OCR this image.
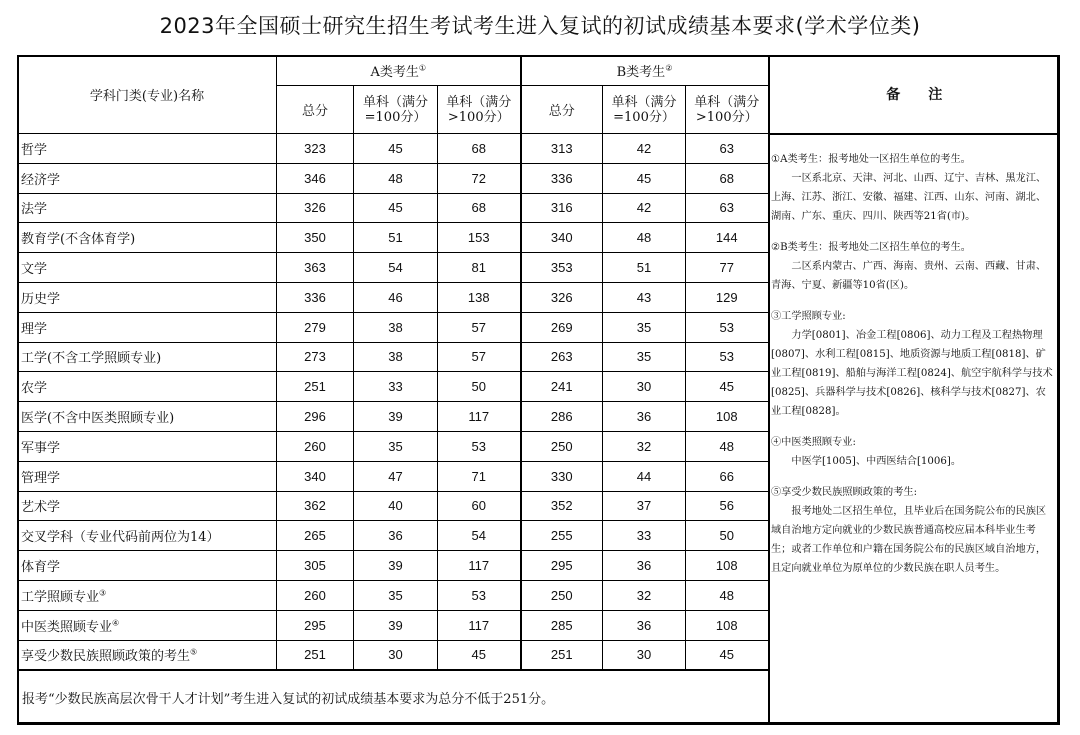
2023年全国硕士研究生招生考试考生进入复试的初试成绩基本要求(学术学位类)
学科门类(专业)名称	A类考生①			B类考生②			备　　注
	总分	单科（满分
=100分）	单科（满分
>100分）	总分	单科（满分
=100分）	单科（满分
>100分）	
哲学	323	45	68	313	42	63	
经济学	346	48	72	336	45	68	
法学	326	45	68	316	42	63	
教育学(不含体育学)	350	51	153	340	48	144	
文学	363	54	81	353	51	77	
历史学	336	46	138	326	43	129	
理学	279	38	57	269	35	53	
工学(不含工学照顾专业)	273	38	57	263	35	53	
农学	251	33	50	241	30	45	
医学(不含中医类照顾专业)	296	39	117	286	36	108	
军事学	260	35	53	250	32	48	
管理学	340	47	71	330	44	66	
艺术学	362	40	60	352	37	56	
交叉学科（专业代码前两位为14）	265	36	54	255	33	50	
体育学	305	39	117	295	36	108	
工学照顾专业③	260	35	53	250	32	48	
中医类照顾专业④	295	39	117	285	36	108	
享受少数民族照顾政策的考生⑤	251	30	45	251	30	45	
报考“少数民族高层次骨干人才计划”考生进入复试的初试成绩基本要求为总分不低于251分。							

①A类考生：报考地处一区招生单位的考生。

一区系北京、天津、河北、山西、辽宁、吉林、黑龙江、上海、江苏、浙江、安徽、福建、江西、山东、河南、湖北、湖南、广东、重庆、四川、陕西等21省(市)。

②B类考生：报考地处二区招生单位的考生。

二区系内蒙古、广西、海南、贵州、云南、西藏、甘肃、青海、宁夏、新疆等10省(区)。

③工学照顾专业:

力学[0801]、冶金工程[0806]、动力工程及工程热物理[0807]、水利工程[0815]、地质资源与地质工程[0818]、矿业工程[0819]、船舶与海洋工程[0824]、航空宇航科学与技术[0825]、兵器科学与技术[0826]、核科学与技术[0827]、农业工程[0828]。

④中医类照顾专业:

中医学[1005]、中西医结合[1006]。

⑤享受少数民族照顾政策的考生:

报考地处二区招生单位，且毕业后在国务院公布的民族区域自治地方定向就业的少数民族普通高校应届本科毕业生考生；或者工作单位和户籍在国务院公布的民族区域自治地方，且定向就业单位为原单位的少数民族在职人员考生。
